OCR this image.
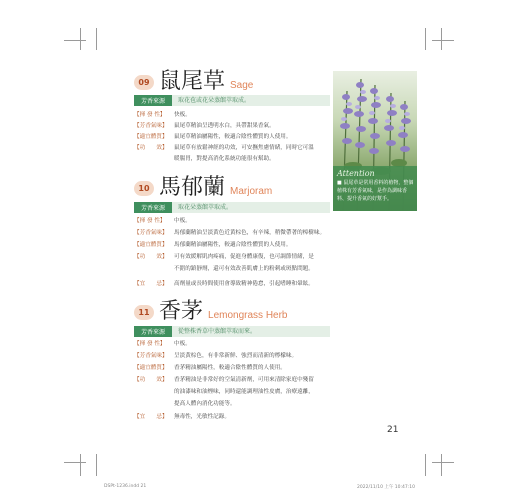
09 鼠尾草 Sage
芳香來源	取花苞或花朵蒸餾萃取成。
【揮 發 性】	快板。
【芳香氣味】	鼠尾草精油呈透明水白，具帶甜果香氣。
【適宜體質】	鼠尾草精油屬陽性，較適合陰性體質的人使用。
【功　　效】	鼠尾草有放鬆神經的功效，可安撫焦慮情緒，同時它可溫
暖腸胃，對提高消化系統功能很有幫助。
10 馬郁蘭 Marjoram
芳香來源	取花朵蒸餾萃取成。
【揮 發 性】	中板。
【芳香氣味】	馬郁蘭精油呈淡黃色近黃棕色，有辛辣，稍微帶著的樟樹味。
【適宜體質】	馬郁蘭精油屬陽性，較適合陰性體質的人使用。
【功　　效】	可有效緩解肌肉疼痛，促進身體康復，也可調節情緒，是
不錯的鎮靜劑，還可有效改善肌膚上的粉刺或斑點問題。
【宜　　忌】	高劑量或長時間使用會導致精神倦怠，引起嗜睡和暈眩。
11 香茅 Lemongrass Herb
芳香來源	從整株香草中蒸餾萃取而來。
【揮 發 性】	中板。
【芳香氣味】	呈淡黃棕色，有非常新鮮、強烈而清新的檸檬味。
【適宜體質】	香茅精油屬陽性，較適合陰性體質的人使用。
【功　　效】	香茅精油是非常好的空氣清新劑，可用來清除家庭中殘留
的油漆味和油煙味，同時還能調理油性皮膚，治療遠離，
提高人體內消化功能等。
【宜　　忌】	無毒性，光敏性記錄。
Attention
■ 鼠尾草是常用香料的植物，整個植株有芳香氣味，是作為調味香料、提升香氣的好幫手。
21
DSPt-1236.indd 21	2022/11/10 上午 10:47:10
